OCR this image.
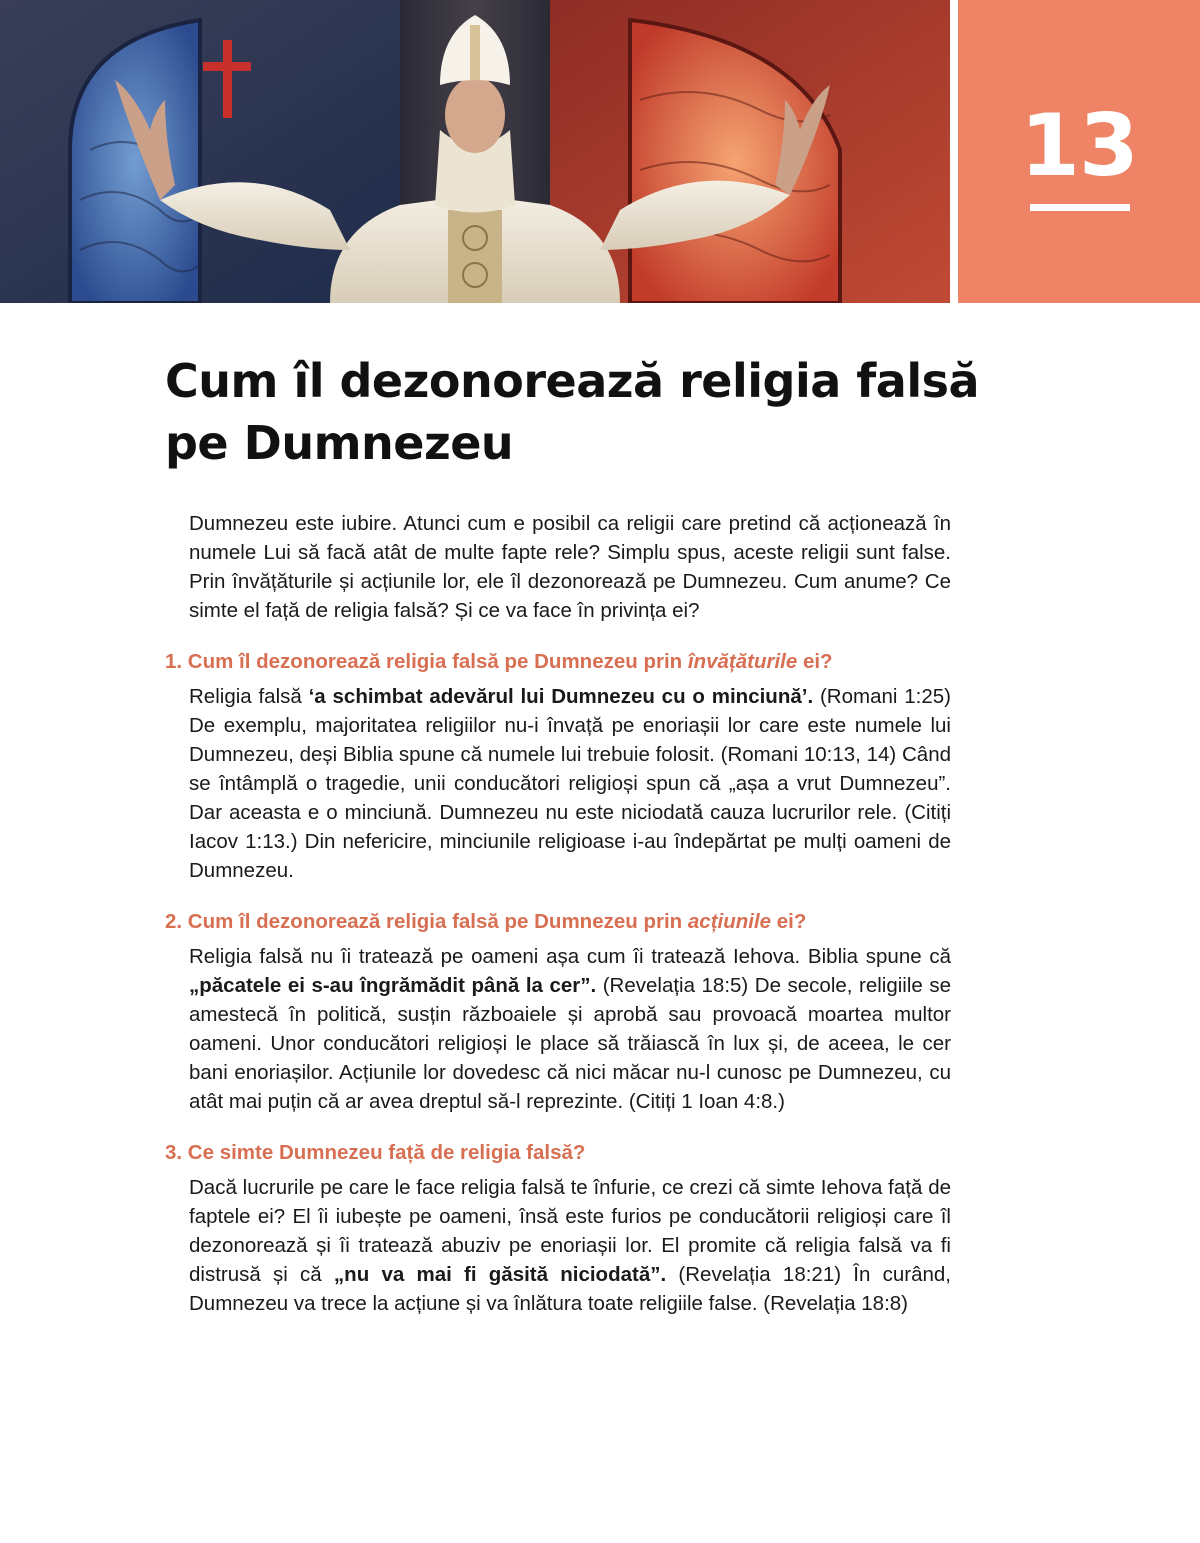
13
Cum îl dezonorează religia falsă
pe Dumnezeu

Dumnezeu este iubire. Atunci cum e posibil ca religii care pretind că acționează în numele Lui să facă atât de multe fapte rele? Simplu spus, aceste religii sunt false. Prin învățăturile și acțiunile lor, ele îl dezonorează pe Dumnezeu. Cum anume? Ce simte el față de religia falsă? Și ce va face în privința ei?

1. Cum îl dezonorează religia falsă pe Dumnezeu prin învățăturile ei?

Religia falsă ‘a schimbat adevărul lui Dumnezeu cu o minciună’. (Romani 1:25) De exemplu, majoritatea religiilor nu-i învață pe enoriașii lor care este numele lui Dumnezeu, deși Biblia spune că numele lui trebuie folosit. (Romani 10:13, 14) Când se întâmplă o tragedie, unii conducători religioși spun că „așa a vrut Dumnezeu”. Dar aceasta e o minciună. Dumnezeu nu este niciodată cauza lucrurilor rele. (Citiți Iacov 1:13.) Din nefericire, minciunile religioase i-au îndepărtat pe mulți oameni de Dumnezeu.

2. Cum îl dezonorează religia falsă pe Dumnezeu prin acțiunile ei?

Religia falsă nu îi tratează pe oameni așa cum îi tratează Iehova. Biblia spune că „păcatele ei s-au îngrămădit până la cer”. (Revelația 18:5) De secole, religiile se amestecă în politică, susțin războaiele și aprobă sau provoacă moartea multor oameni. Unor conducători religioși le place să trăiască în lux și, de aceea, le cer bani enoriașilor. Acțiunile lor dovedesc că nici măcar nu-l cunosc pe Dumnezeu, cu atât mai puțin că ar avea dreptul să-l reprezinte. (Citiți 1 Ioan 4:8.)

3. Ce simte Dumnezeu față de religia falsă?

Dacă lucrurile pe care le face religia falsă te înfurie, ce crezi că simte Iehova față de faptele ei? El îi iubește pe oameni, însă este furios pe conducătorii religioși care îl dezonorează și îi tratează abuziv pe enoriașii lor. El promite că religia falsă va fi distrusă și că „nu va mai fi găsită niciodată”. (Revelația 18:21) În curând, Dumnezeu va trece la acțiune și va înlătura toate religiile false. (Revelația 18:8)
